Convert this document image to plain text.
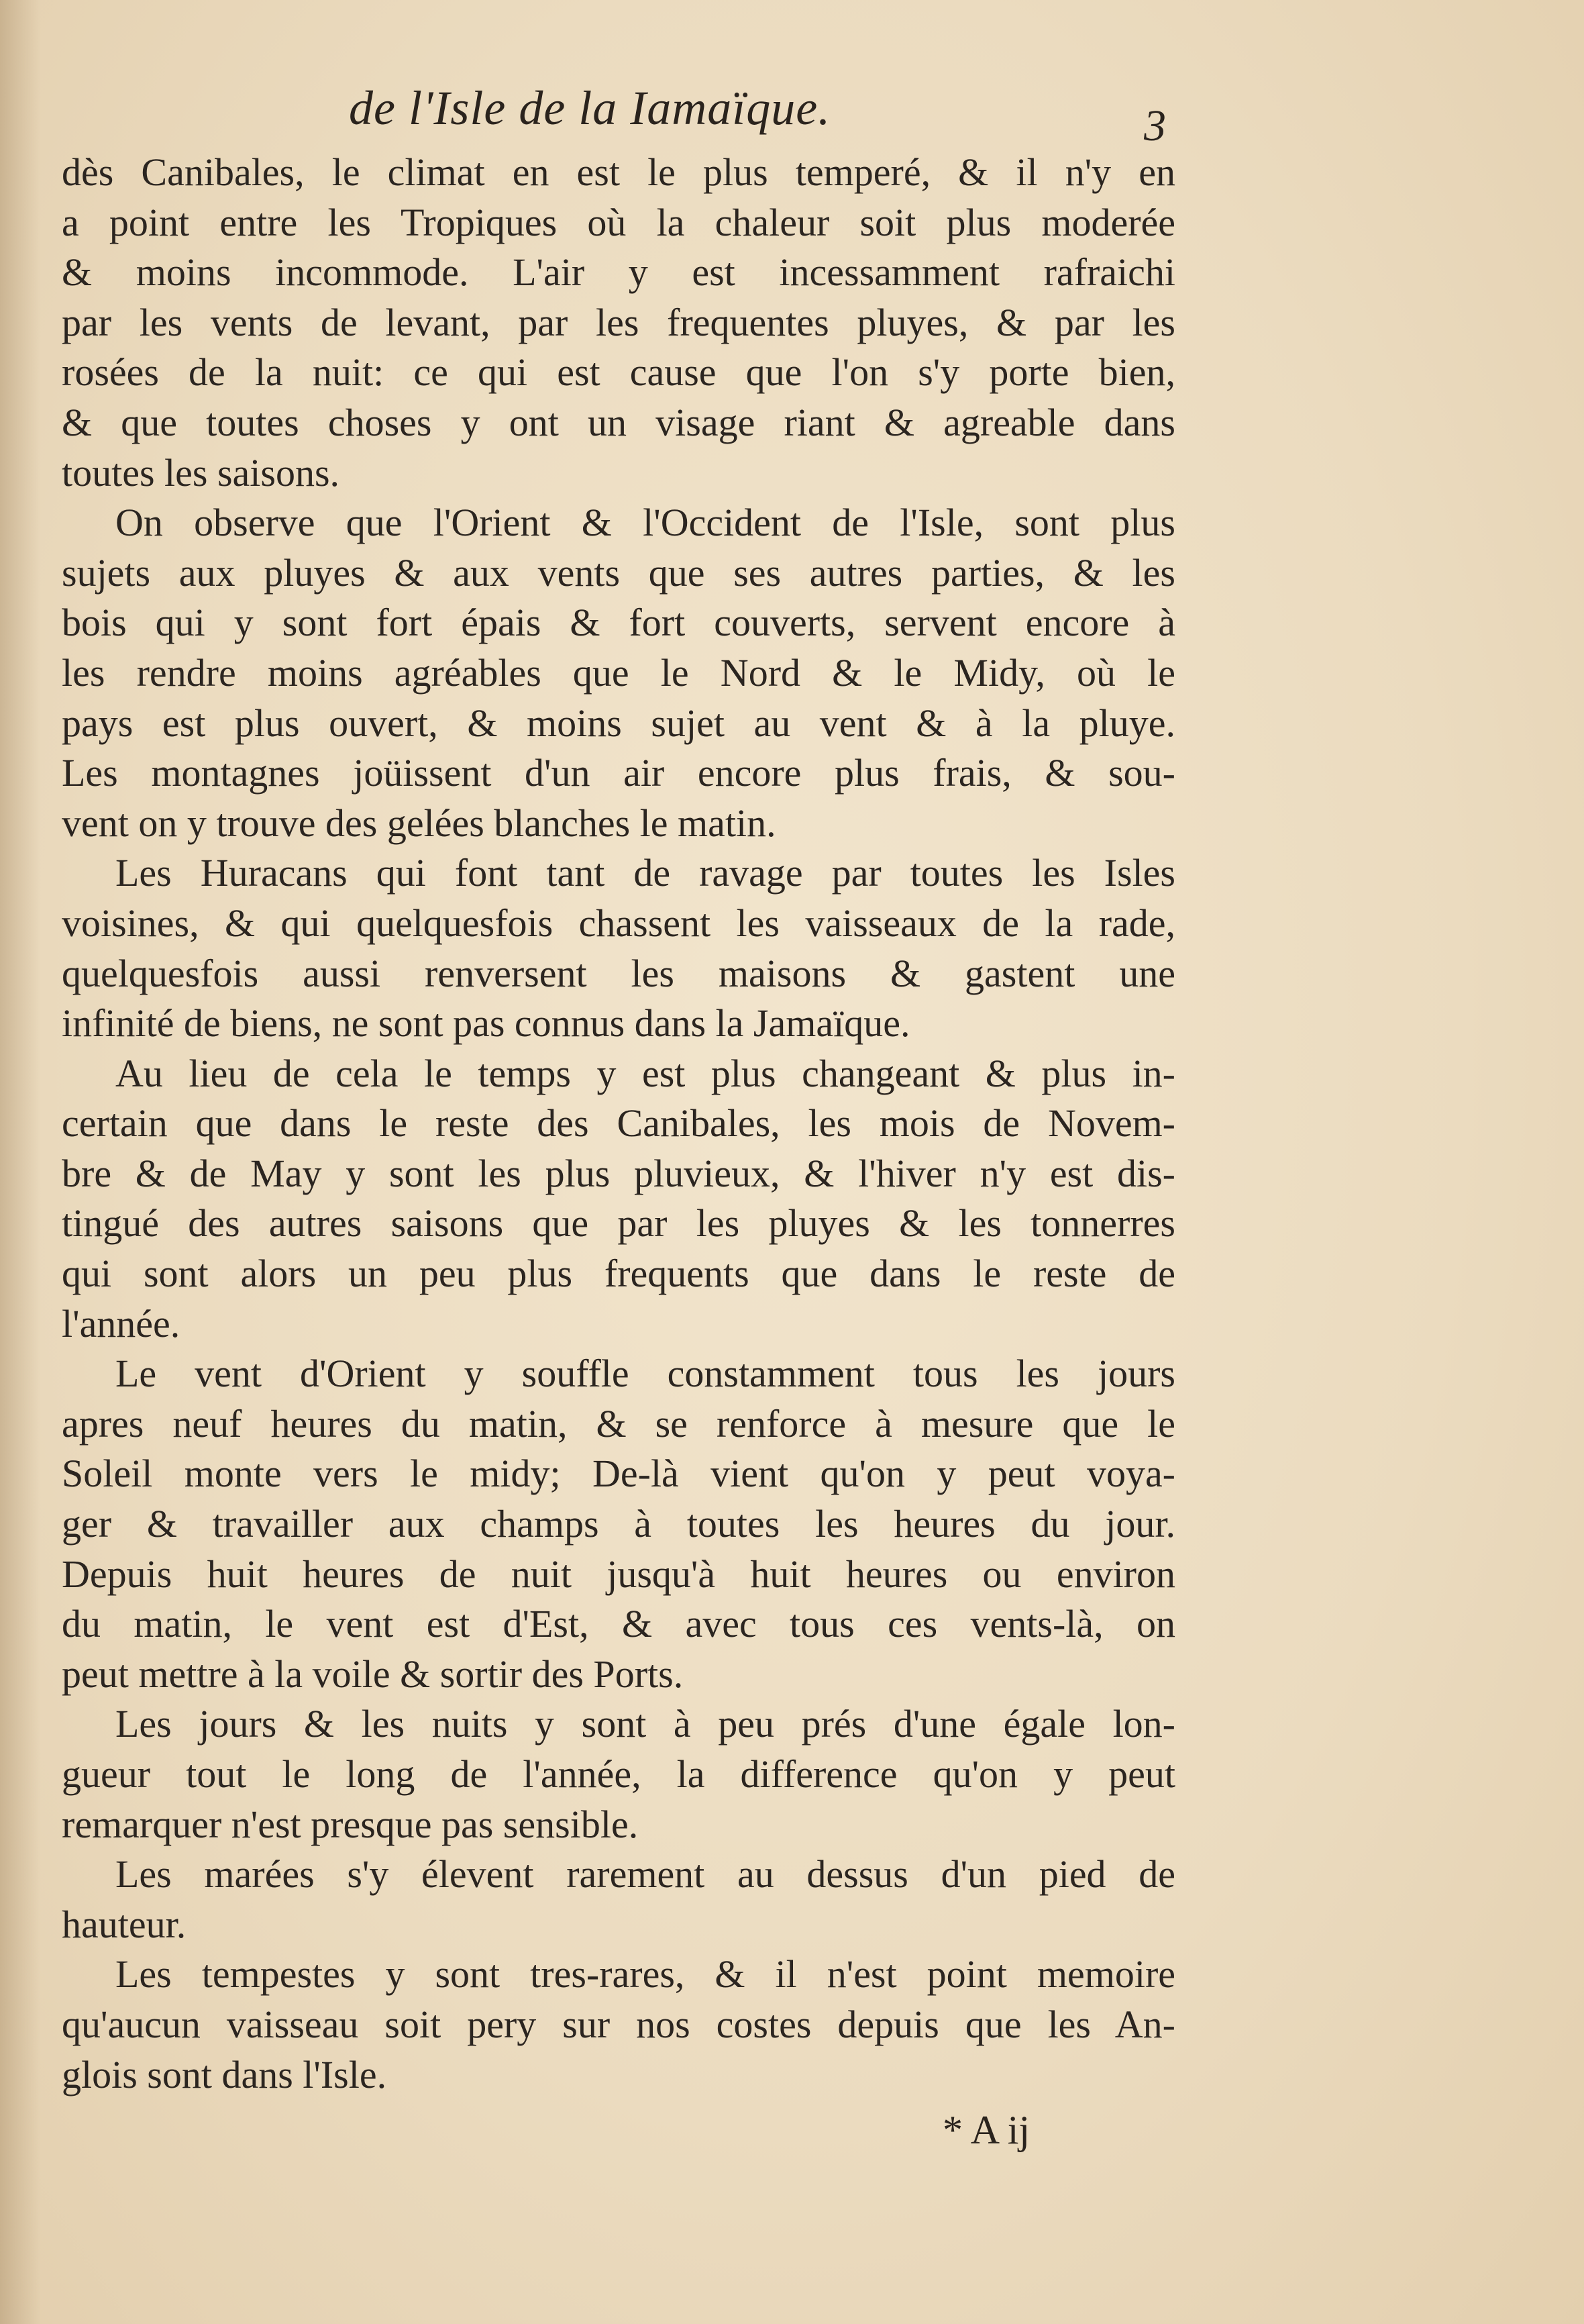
de l'Isle de la Iamaïque.	3
dès Canibales, le climat en est le plus temperé, & il n'y en
a point entre les Tropiques où la chaleur soit plus moderée
& moins incommode. L'air y est incessamment rafraichi
par les vents de levant, par les frequentes pluyes, & par les
rosées de la nuit: ce qui est cause que l'on s'y porte bien,
& que toutes choses y ont un visage riant & agreable dans
toutes les saisons.
On observe que l'Orient & l'Occident de l'Isle, sont plus
sujets aux pluyes & aux vents que ses autres parties, & les
bois qui y sont fort épais & fort couverts, servent encore à
les rendre moins agréables que le Nord & le Midy, où le
pays est plus ouvert, & moins sujet au vent & à la pluye.
Les montagnes joüissent d'un air encore plus frais, & sou-
vent on y trouve des gelées blanches le matin.
Les Huracans qui font tant de ravage par toutes les Isles
voisines, & qui quelquesfois chassent les vaisseaux de la rade,
quelquesfois aussi renversent les maisons & gastent une
infinité de biens, ne sont pas connus dans la Jamaïque.
Au lieu de cela le temps y est plus changeant & plus in-
certain que dans le reste des Canibales, les mois de Novem-
bre & de May y sont les plus pluvieux, & l'hiver n'y est dis-
tingué des autres saisons que par les pluyes & les tonnerres
qui sont alors un peu plus frequents que dans le reste de
l'année.
Le vent d'Orient y souffle constamment tous les jours
apres neuf heures du matin, & se renforce à mesure que le
Soleil monte vers le midy; De-là vient qu'on y peut voya-
ger & travailler aux champs à toutes les heures du jour.
Depuis huit heures de nuit jusqu'à huit heures ou environ
du matin, le vent est d'Est, & avec tous ces vents-là, on
peut mettre à la voile & sortir des Ports.
Les jours & les nuits y sont à peu prés d'une égale lon-
gueur tout le long de l'année, la difference qu'on y peut
remarquer n'est presque pas sensible.
Les marées s'y élevent rarement au dessus d'un pied de
hauteur.
Les tempestes y sont tres-rares, & il n'est point memoire
qu'aucun vaisseau soit pery sur nos costes depuis que les An-
glois sont dans l'Isle.
* A ij
